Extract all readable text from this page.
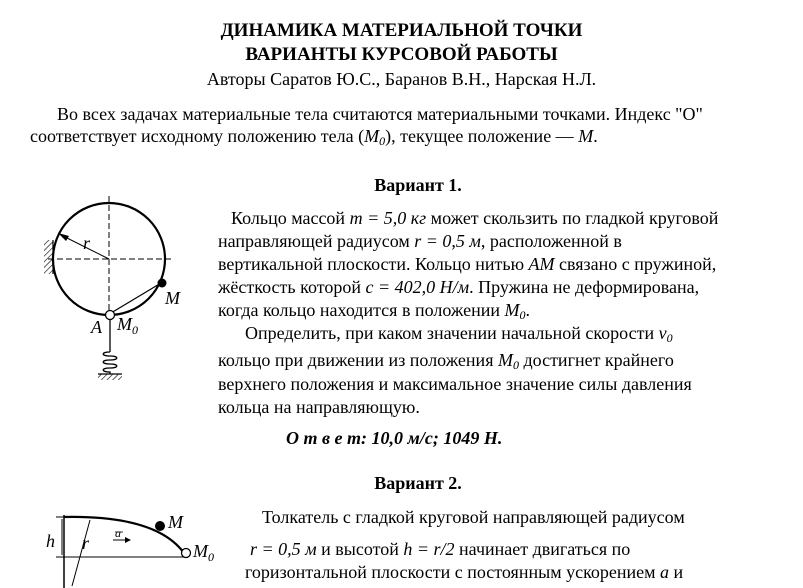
ДИНАМИКА МАТЕРИАЛЬНОЙ ТОЧКИ
ВАРИАНТЫ КУРСОВОЙ РАБОТЫ
Авторы Саратов Ю.С., Баранов В.Н., Нарская Н.Л.
Во всех задачах материальные тела считаются материальными точками. Индекс "О"
соответствует исходному положению тела $(M_0)$, текущее положение — M.
Вариант 1.
Кольцо массой m = 5,0 кг может скользить по гладкой круговой
направляющей радиусом r = 0,5 м, расположенной в
вертикальной плоскости. Кольцо нитью AM связано с пружиной,
жёсткость которой c = 402,0 Н/м. Пружина не деформирована,
когда кольцо находится в положении $M_0$.
Определить, при каком значении начальной скорости $v_0$
кольцо при движении из положения $M_0$ достигнет крайнего
верхнего положения и максимальное значение силы давления
кольца на направляющую.
О т в е т: 10,0 м/с; 1049 Н.
Вариант 2.
Толкатель с гладкой круговой направляющей радиусом
r = 0,5 м и высотой h = r/2 начинает двигаться по
горизонтальной плоскости с постоянным ускорением a и
r
M
A $M_0$
h r a
M
$M_0$
